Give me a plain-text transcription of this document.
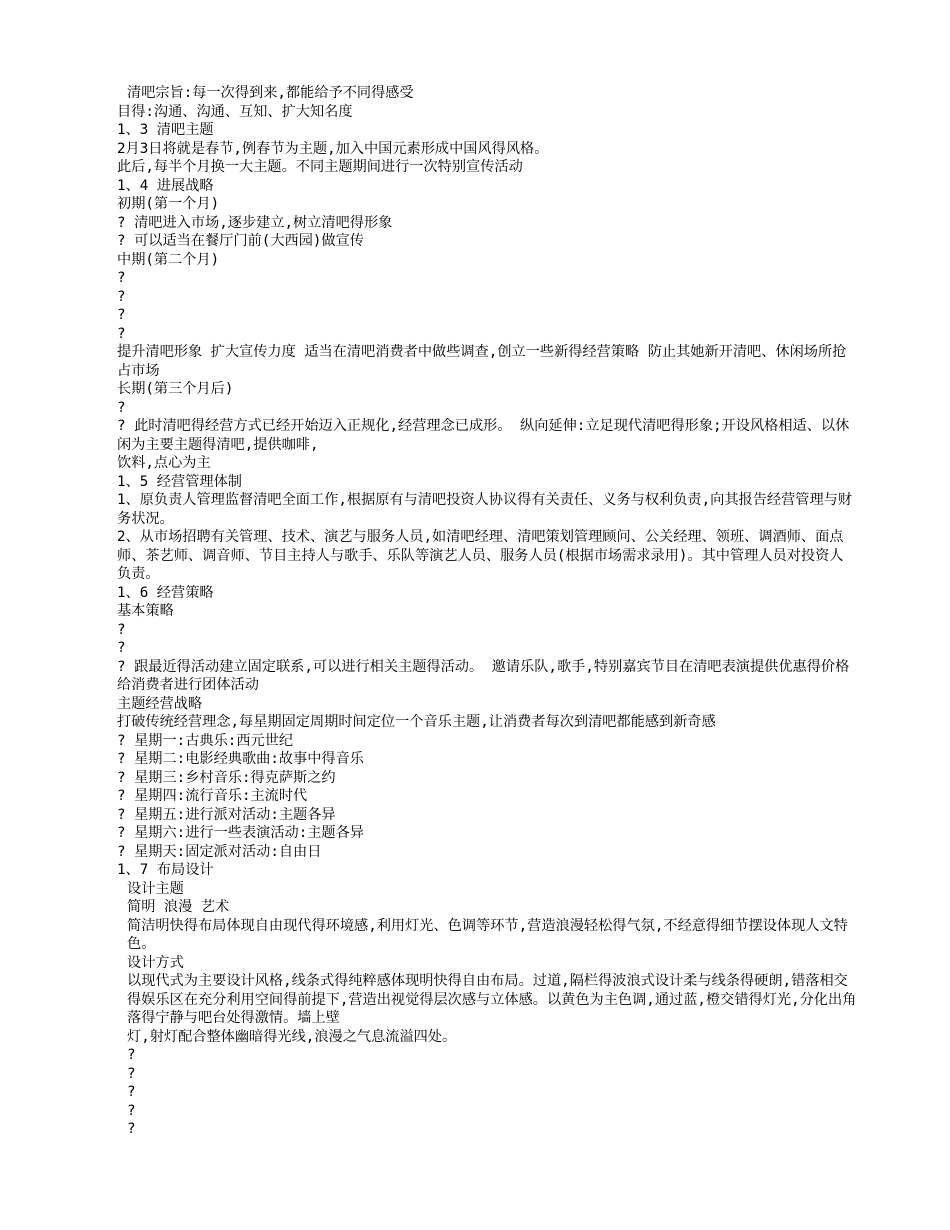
清吧宗旨:每一次得到来,都能给予不同得感受

目得:沟通、沟通、互知、扩大知名度

1、3 清吧主题

2月3日将就是春节,例春节为主题,加入中国元素形成中国风得风格。

此后,每半个月换一大主题。不同主题期间进行一次特别宣传活动

1、4 进展战略

初期(第一个月)

? 清吧进入市场,逐步建立,树立清吧得形象

? 可以适当在餐厅门前(大西园)做宣传

中期(第二个月)

?

?

?

?

提升清吧形象 扩大宣传力度 适当在清吧消费者中做些调查,创立一些新得经营策略 防止其她新开清吧、休闲场所抢占市场

长期(第三个月后)

?

? 此时清吧得经营方式已经开始迈入正规化,经营理念已成形。 纵向延伸:立足现代清吧得形象;开设风格相适、以休闲为主要主题得清吧,提供咖啡,

饮料,点心为主

1、5 经营管理体制

1、原负责人管理监督清吧全面工作,根据原有与清吧投资人协议得有关责任、义务与权利负责,向其报告经营管理与财务状况。

2、从市场招聘有关管理、技术、演艺与服务人员,如清吧经理、清吧策划管理顾问、公关经理、领班、调酒师、面点师、茶艺师、调音师、节目主持人与歌手、乐队等演艺人员、服务人员(根据市场需求录用)。其中管理人员对投资人负责。

1、6 经营策略

基本策略

?

?

? 跟最近得活动建立固定联系,可以进行相关主题得活动。 邀请乐队,歌手,特别嘉宾节目在清吧表演提供优惠得价格给消费者进行团体活动

主题经营战略

打破传统经营理念,每星期固定周期时间定位一个音乐主题,让消费者每次到清吧都能感到新奇感

? 星期一:古典乐:西元世纪

? 星期二:电影经典歌曲:故事中得音乐

? 星期三:乡村音乐:得克萨斯之约

? 星期四:流行音乐:主流时代

? 星期五:进行派对活动:主题各异

? 星期六:进行一些表演活动:主题各异

? 星期天:固定派对活动:自由日

1、7 布局设计

设计主题

简明 浪漫 艺术

简洁明快得布局体现自由现代得环境感,利用灯光、色调等环节,营造浪漫轻松得气氛,不经意得细节摆设体现人文特色。

设计方式

以现代式为主要设计风格,线条式得纯粹感体现明快得自由布局。过道,隔栏得波浪式设计柔与线条得硬朗,错落相交得娱乐区在充分利用空间得前提下,营造出视觉得层次感与立体感。以黄色为主色调,通过蓝,橙交错得灯光,分化出角落得宁静与吧台处得激情。墙上壁

灯,射灯配合整体幽暗得光线,浪漫之气息流溢四处。

?

?

?

?

?
